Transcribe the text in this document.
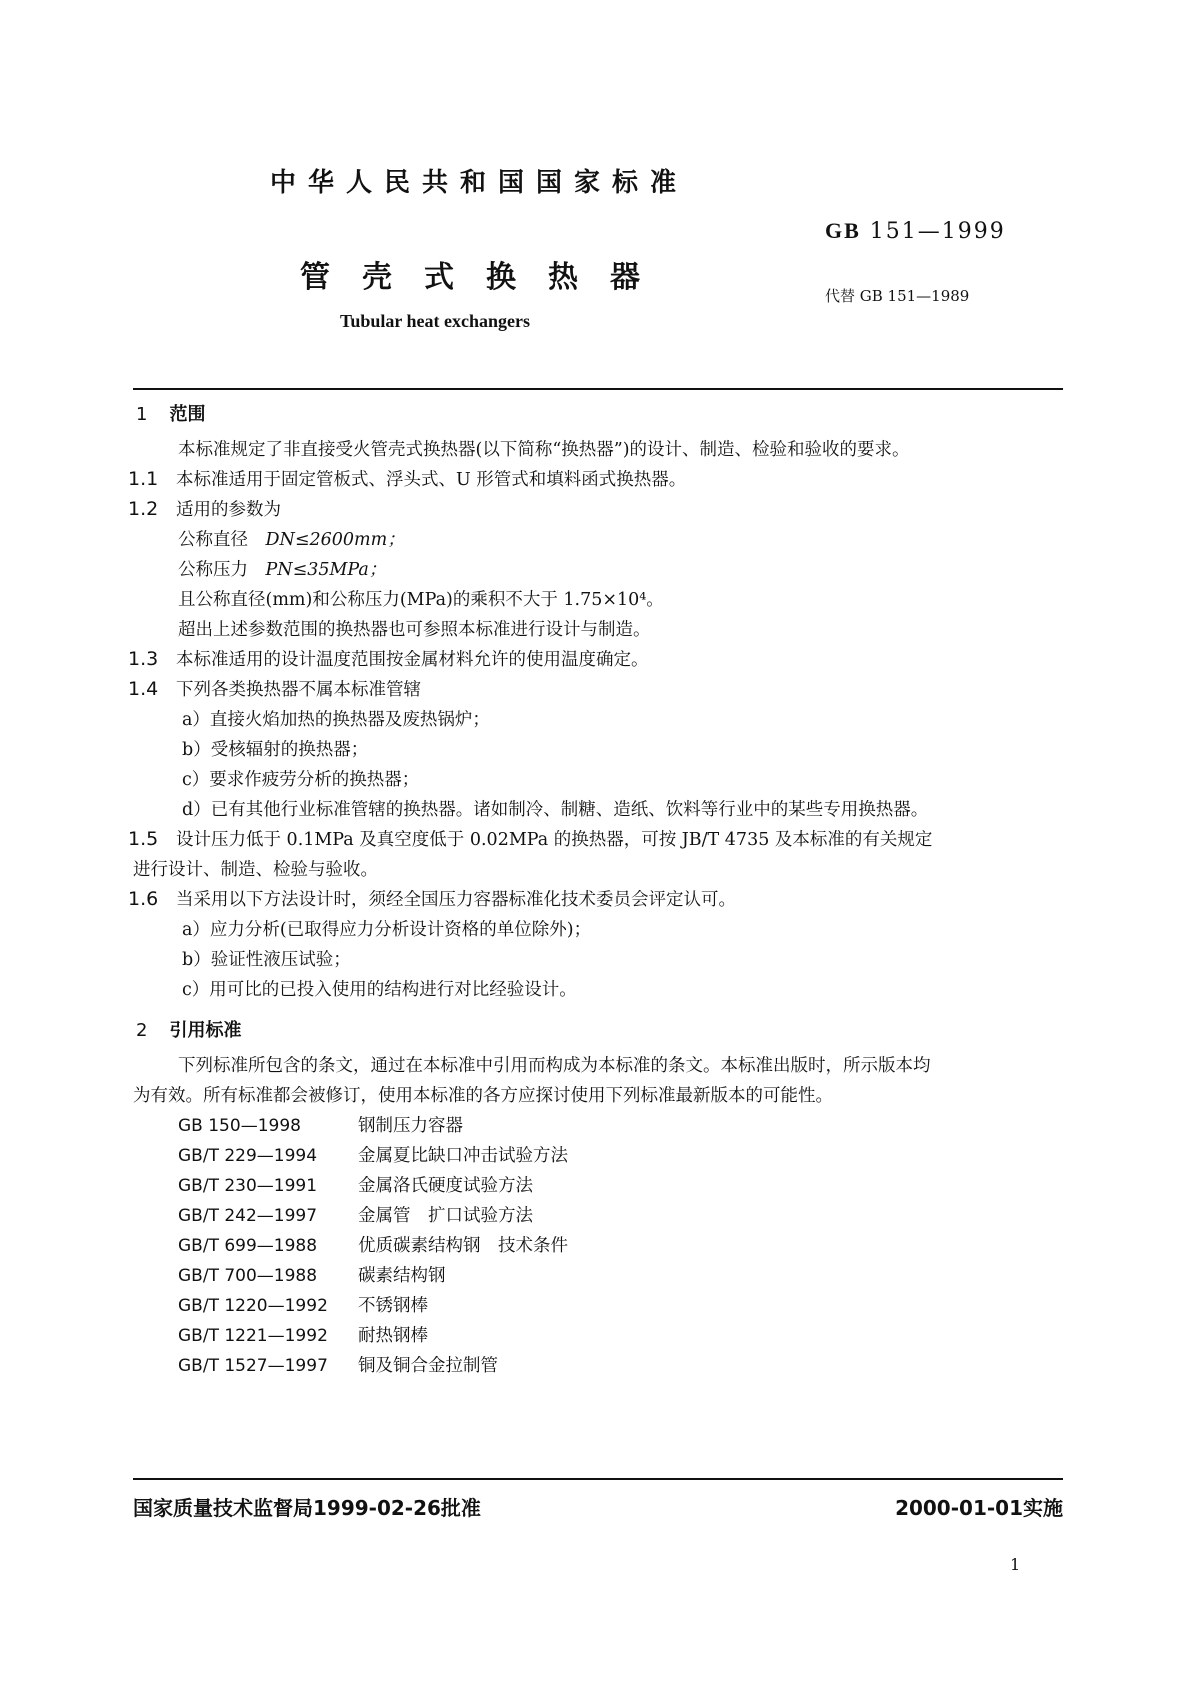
中华人民共和国国家标准
GB 151—1999
管壳式换热器
代替 GB 151—1989
Tubular heat exchangers
1 范围
本标准规定了非直接受火管壳式换热器(以下简称“换热器”)的设计、制造、检验和验收的要求。
1.1 本标准适用于固定管板式、浮头式、U 形管式和填料函式换热器。
1.2 适用的参数为
公称直径　 DN≤2600mm；
公称压力　 PN≤35MPa；
且公称直径(mm)和公称压力(MPa)的乘积不大于 1.75×10⁴。
超出上述参数范围的换热器也可参照本标准进行设计与制造。
1.3 本标准适用的设计温度范围按金属材料允许的使用温度确定。
1.4 下列各类换热器不属本标准管辖
a）直接火焰加热的换热器及废热锅炉；
b）受核辐射的换热器；
c）要求作疲劳分析的换热器；
d）已有其他行业标准管辖的换热器。诸如制冷、制糖、造纸、饮料等行业中的某些专用换热器。
1.5 设计压力低于 0.1MPa 及真空度低于 0.02MPa 的换热器，可按 JB/T 4735 及本标准的有关规定
进行设计、制造、检验与验收。
1.6 当采用以下方法设计时，须经全国压力容器标准化技术委员会评定认可。
a）应力分析(已取得应力分析设计资格的单位除外)；
b）验证性液压试验；
c）用可比的已投入使用的结构进行对比经验设计。
2 引用标准
下列标准所包含的条文，通过在本标准中引用而构成为本标准的条文。本标准出版时，所示版本均
为有效。所有标准都会被修订，使用本标准的各方应探讨使用下列标准最新版本的可能性。
GB 150—1998	钢制压力容器
GB/T 229—1994 金属夏比缺口冲击试验方法
GB/T 230—1991 金属洛氏硬度试验方法
GB/T 242—1997 金属管　扩口试验方法
GB/T 699—1988 优质碳素结构钢　技术条件
GB/T 700—1988 碳素结构钢
GB/T 1220—1992 不锈钢棒
GB/T 1221—1992 耐热钢棒
GB/T 1527—1997 铜及铜合金拉制管
国家质量技术监督局1999-02-26批准	2000-01-01实施
1
